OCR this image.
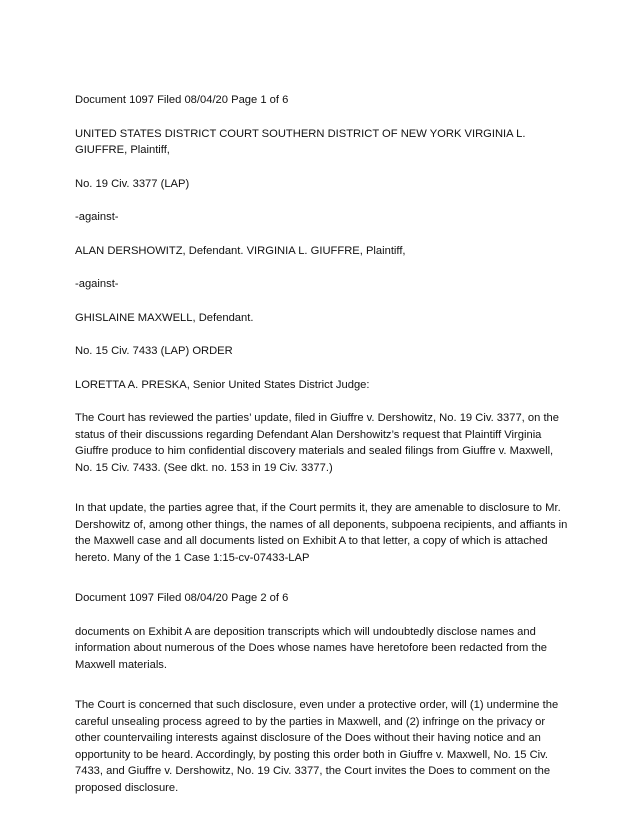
Document 1097 Filed 08/04/20 Page 1 of 6

UNITED STATES DISTRICT COURT SOUTHERN DISTRICT OF NEW YORK VIRGINIA L. GIUFFRE, Plaintiff,

No. 19 Civ. 3377 (LAP)

-against-

ALAN DERSHOWITZ, Defendant. VIRGINIA L. GIUFFRE, Plaintiff,

-against-

GHISLAINE MAXWELL, Defendant.

No. 15 Civ. 7433 (LAP) ORDER

LORETTA A. PRESKA, Senior United States District Judge:

The Court has reviewed the parties’ update, filed in Giuffre v. Dershowitz, No. 19 Civ. 3377, on the status of their discussions regarding Defendant Alan Dershowitz’s request that Plaintiff Virginia Giuffre produce to him confidential discovery materials and sealed filings from Giuffre v. Maxwell, No. 15 Civ. 7433. (See dkt. no. 153 in 19 Civ. 3377.)

In that update, the parties agree that, if the Court permits it, they are amenable to disclosure to Mr. Dershowitz of, among other things, the names of all deponents, subpoena recipients, and affiants in the Maxwell case and all documents listed on Exhibit A to that letter, a copy of which is attached hereto. Many of the 1 Case 1:15-cv-07433-LAP

Document 1097 Filed 08/04/20 Page 2 of 6

documents on Exhibit A are deposition transcripts which will undoubtedly disclose names and information about numerous of the Does whose names have heretofore been redacted from the Maxwell materials.

The Court is concerned that such disclosure, even under a protective order, will (1) undermine the careful unsealing process agreed to by the parties in Maxwell, and (2) infringe on the privacy or other countervailing interests against disclosure of the Does without their having notice and an opportunity to be heard. Accordingly, by posting this order both in Giuffre v. Maxwell, No. 15 Civ. 7433, and Giuffre v. Dershowitz, No. 19 Civ. 3377, the Court invites the Does to comment on the proposed disclosure.
